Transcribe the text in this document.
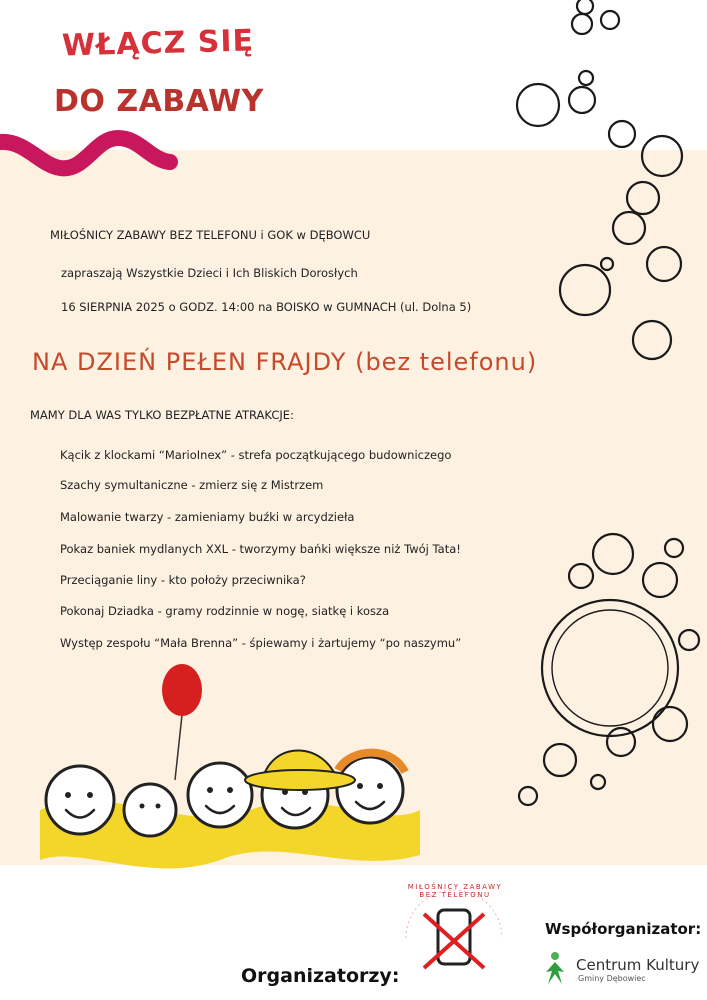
WŁĄCZ SIĘ
DO ZABAWY
MIŁOŚNICY ZABAWY BEZ TELEFONU i GOK w DĘBOWCU
zapraszają Wszystkie Dzieci i Ich Bliskich Dorosłych
16 SIERPNIA 2025 o GODZ. 14:00 na BOISKO w GUMNACH (ul. Dolna 5)
NA DZIEŃ PEŁEN FRAJDY (bez telefonu)
MAMY DLA WAS TYLKO BEZPŁATNE ATRAKCJE:
Kącik z klockami “MarioInex” - strefa początkującego budowniczego
Szachy symultaniczne - zmierz się z Mistrzem
Malowanie twarzy - zamieniamy buźki w arcydzieła
Pokaz baniek mydlanych XXL - tworzymy bańki większe niż Twój Tata!
Przeciąganie liny - kto położy przeciwnika?
Pokonaj Dziadka - gramy rodzinnie w nogę, siatkę i kosza
Występ zespołu “Mała Brenna” - śpiewamy i żartujemy “po naszymu”
MIŁOŚNICY ZABAWY BEZ TELEFONU
Organizatorzy:
Współorganizator:
Centrum Kultury
Gminy Dębowiec
